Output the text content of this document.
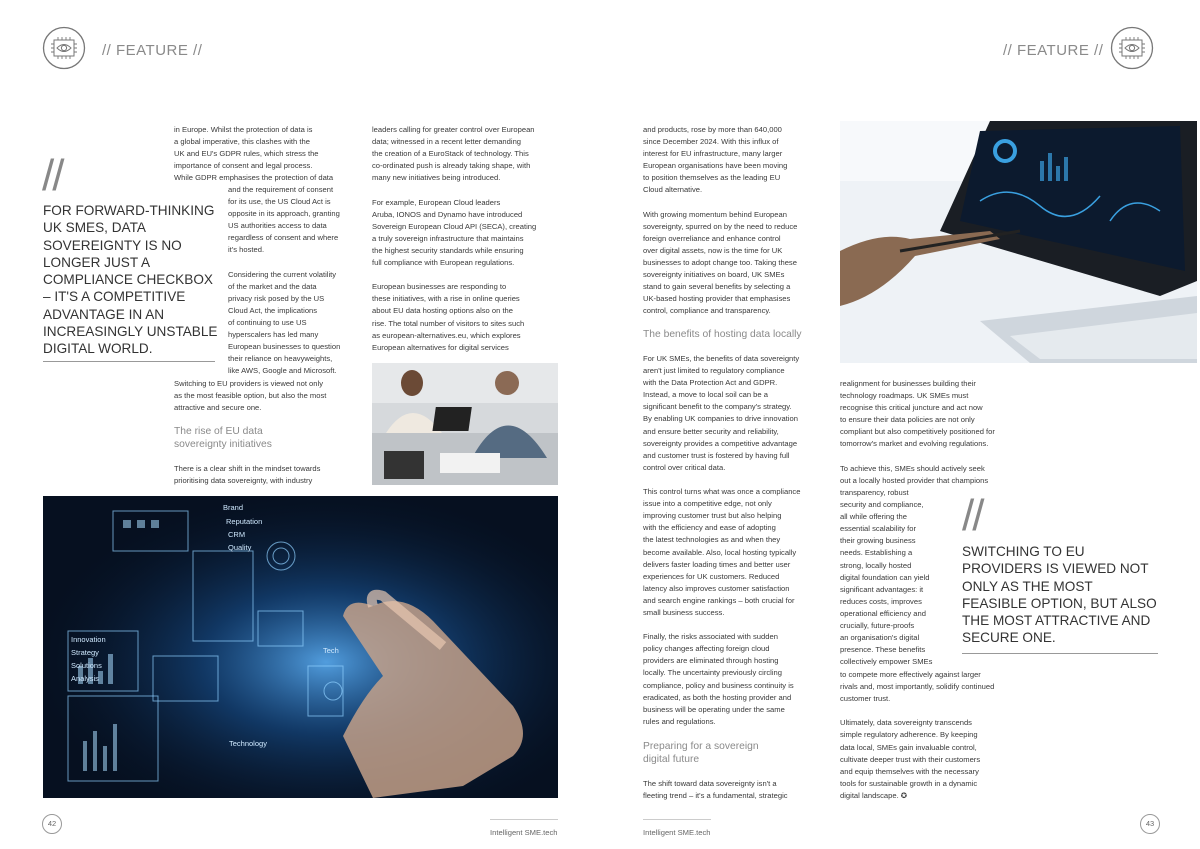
// FEATURE //	// FEATURE //
//
FOR FORWARD-THINKING UK SMES, DATA SOVEREIGNTY IS NO LONGER JUST A COMPLIANCE CHECKBOX – IT'S A COMPETITIVE ADVANTAGE IN AN INCREASINGLY UNSTABLE DIGITAL WORLD.
in Europe. Whilst the protection of data is
a global imperative, this clashes with the
UK and EU's GDPR rules, which stress the
importance of consent and legal process.
While GDPR emphasises the protection of data
and the requirement of consent
for its use, the US Cloud Act is
opposite in its approach, granting
US authorities access to data
regardless of consent and where
it's hosted.

Considering the current volatility
of the market and the data
privacy risk posed by the US
Cloud Act, the implications
of continuing to use US
hyperscalers has led many
European businesses to question
their reliance on heavyweights,
like AWS, Google and Microsoft.
Switching to EU providers is viewed not only
as the most feasible option, but also the most
attractive and secure one.
The rise of EU data
sovereignty initiatives
There is a clear shift in the mindset towards
prioritising data sovereignty, with industry
leaders calling for greater control over European
data; witnessed in a recent letter demanding
the creation of a EuroStack of technology. This
co-ordinated push is already taking shape, with
many new initiatives being introduced.

For example, European Cloud leaders
Aruba, IONOS and Dynamo have introduced
Sovereign European Cloud API (SECA), creating
a truly sovereign infrastructure that maintains
the highest security standards while ensuring
full compliance with European regulations.

European businesses are responding to
these initiatives, with a rise in online queries
about EU data hosting options also on the
rise. The total number of visitors to sites such
as european-alternatives.eu, which explores
European alternatives for digital services
Brand
Reputation
CRM
Quality
Innovation
Strategy
Solutions
Analysis
Technology
Tech
42
Intelligent SME.tech
and products, rose by more than 640,000
since December 2024. With this influx of
interest for EU infrastructure, many larger
European organisations have been moving
to position themselves as the leading EU
Cloud alternative.

With growing momentum behind European
sovereignty, spurred on by the need to reduce
foreign overreliance and enhance control
over digital assets, now is the time for UK
businesses to adopt change too. Taking these
sovereignty initiatives on board, UK SMEs
stand to gain several benefits by selecting a
UK-based hosting provider that emphasises
control, compliance and transparency.
The benefits of hosting data locally
For UK SMEs, the benefits of data sovereignty
aren't just limited to regulatory compliance
with the Data Protection Act and GDPR.
Instead, a move to local soil can be a
significant benefit to the company's strategy.
By enabling UK companies to drive innovation
and ensure better security and reliability,
sovereignty provides a competitive advantage
and customer trust is fostered by having full
control over critical data.

This control turns what was once a compliance
issue into a competitive edge, not only
improving customer trust but also helping
with the efficiency and ease of adopting
the latest technologies as and when they
become available. Also, local hosting typically
delivers faster loading times and better user
experiences for UK customers. Reduced
latency also improves customer satisfaction
and search engine rankings – both crucial for
small business success.

Finally, the risks associated with sudden
policy changes affecting foreign cloud
providers are eliminated through hosting
locally. The uncertainty previously circling
compliance, policy and business continuity is
eradicated, as both the hosting provider and
business will be operating under the same
rules and regulations.
Preparing for a sovereign
digital future
The shift toward data sovereignty isn't a
fleeting trend – it's a fundamental, strategic
realignment for businesses building their
technology roadmaps. UK SMEs must
recognise this critical juncture and act now
to ensure their data policies are not only
compliant but also competitively positioned for
tomorrow's market and evolving regulations.

To achieve this, SMEs should actively seek
out a locally hosted provider that champions
transparency, robust
security and compliance,
all while offering the
essential scalability for
their growing business
needs. Establishing a
strong, locally hosted
digital foundation can yield
significant advantages: it
reduces costs, improves
operational efficiency and
crucially, future-proofs
an organisation's digital
presence. These benefits
collectively empower SMEs
to compete more effectively against larger
rivals and, most importantly, solidify continued
customer trust.

Ultimately, data sovereignty transcends
simple regulatory adherence. By keeping
data local, SMEs gain invaluable control,
cultivate deeper trust with their customers
and equip themselves with the necessary
tools for sustainable growth in a dynamic
digital landscape. ✪
//
SWITCHING TO EU PROVIDERS IS VIEWED NOT ONLY AS THE MOST FEASIBLE OPTION, BUT ALSO THE MOST ATTRACTIVE AND SECURE ONE.
Intelligent SME.tech
43
